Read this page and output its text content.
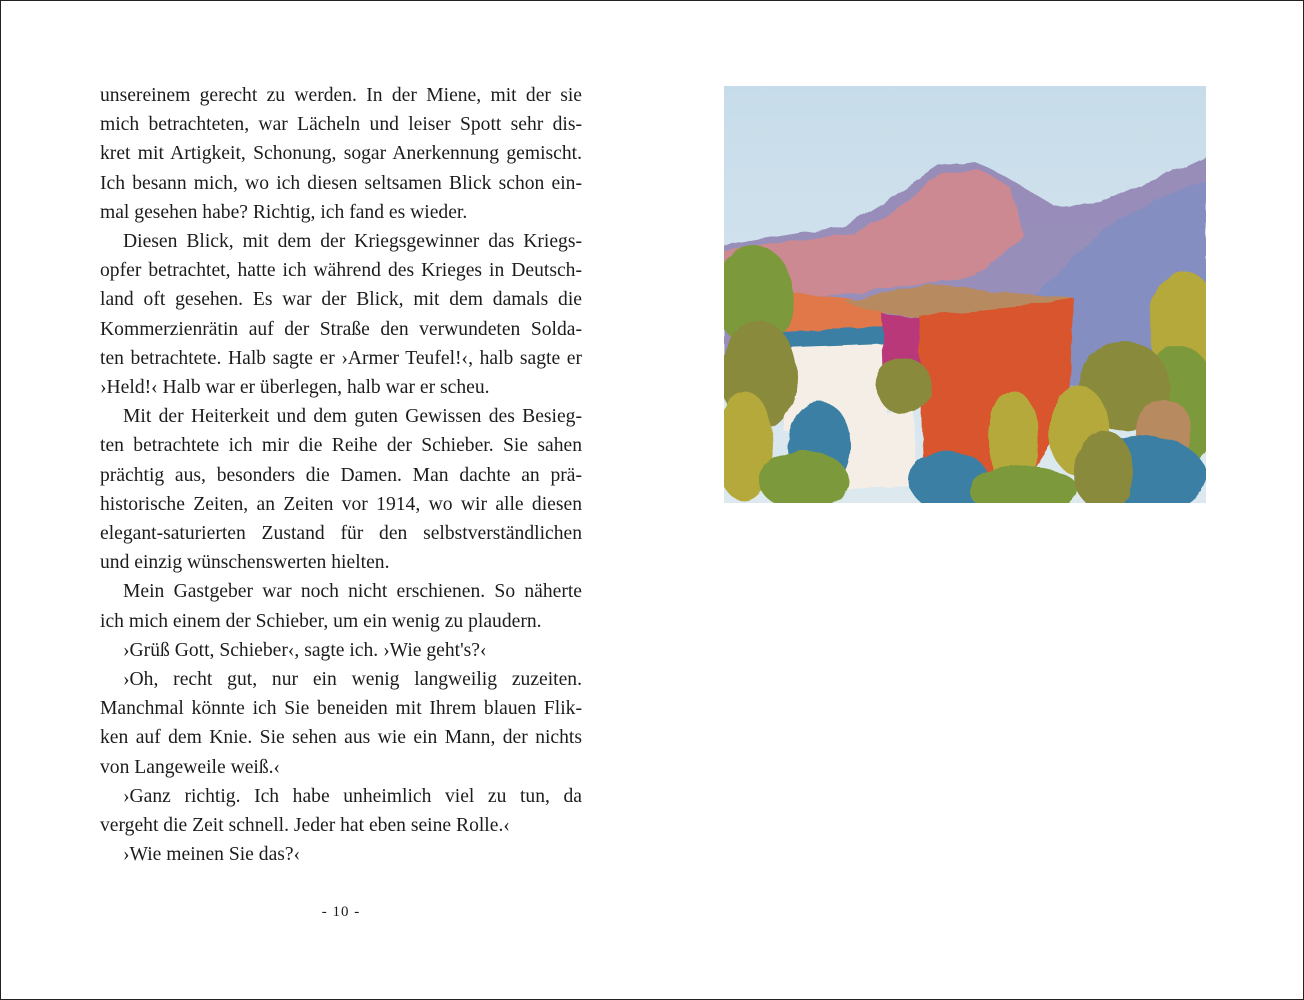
unsereinem gerecht zu werden. In der Miene, mit der sie
mich betrachteten, war Lächeln und leiser Spott sehr dis-
kret mit Artigkeit, Schonung, sogar Anerkennung gemischt.
Ich besann mich, wo ich diesen seltsamen Blick schon ein-
mal gesehen habe? Richtig, ich fand es wieder.
Diesen Blick, mit dem der Kriegsgewinner das Kriegs-
opfer betrachtet, hatte ich während des Krieges in Deutsch-
land oft gesehen. Es war der Blick, mit dem damals die
Kommerzienrätin auf der Straße den verwundeten Solda-
ten betrachtete. Halb sagte er ›Armer Teufel!‹, halb sagte er
›Held!‹ Halb war er überlegen, halb war er scheu.
Mit der Heiterkeit und dem guten Gewissen des Besieg-
ten betrachtete ich mir die Reihe der Schieber. Sie sahen
prächtig aus, besonders die Damen. Man dachte an prä-
historische Zeiten, an Zeiten vor 1914, wo wir alle diesen
elegant-saturierten Zustand für den selbstverständlichen
und einzig wünschenswerten hielten.
Mein Gastgeber war noch nicht erschienen. So näherte
ich mich einem der Schieber, um ein wenig zu plaudern.
›Grüß Gott, Schieber‹, sagte ich. ›Wie geht's?‹
›Oh, recht gut, nur ein wenig langweilig zuzeiten.
Manchmal könnte ich Sie beneiden mit Ihrem blauen Flik-
ken auf dem Knie. Sie sehen aus wie ein Mann, der nichts
von Langeweile weiß.‹
›Ganz richtig. Ich habe unheimlich viel zu tun, da
vergeht die Zeit schnell. Jeder hat eben seine Rolle.‹
›Wie meinen Sie das?‹
- 10 -
